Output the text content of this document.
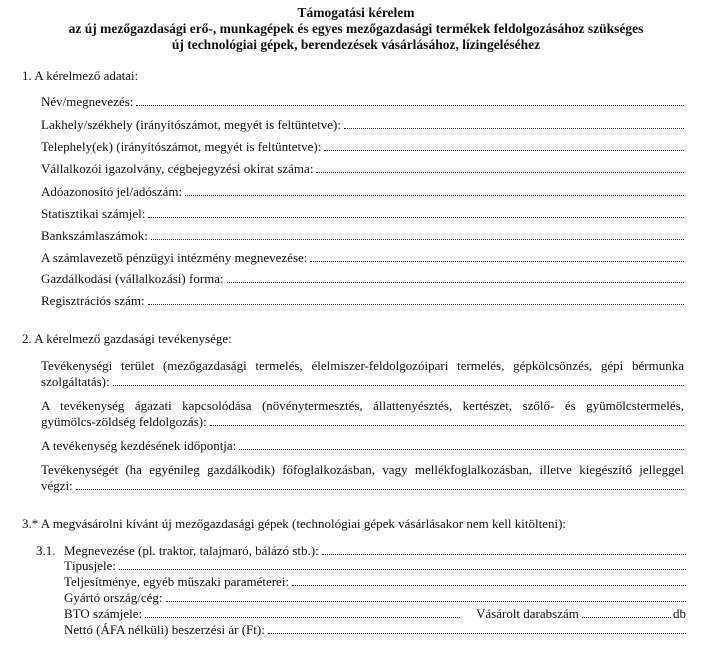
Támogatási kérelem
az új mezőgazdasági erő-, munkagépek és egyes mezőgazdasági termékek feldolgozásához szükséges
új technológiai gépek, berendezések vásárlásához, lízingeléséhez
1. A kérelmező adatai:
Név/megnevezés:
Lakhely/székhely (irányítószámot, megyét is feltüntetve):
Telephely(ek) (irányítószámot, megyét is feltüntetve):
Vállalkozói igazolvány, cégbejegyzési okirat száma:
Adóazonosító jel/adószám:
Statisztikai számjel:
Bankszámlaszámok:
A számlavezető pénzügyi intézmény megnevezése:
Gazdálkodási (vállalkozási) forma:
Regisztrációs szám:
2. A kérelmező gazdasági tevékenysége:
Tevékenységi terület (mezőgazdasági termelés, élelmiszer-feldolgozóipari termelés, gépkölcsönzés, gépi bérmunka
szolgáltatás):
A tevékenység ágazati kapcsolódása (növénytermesztés, állattenyésztés, kertészet, szőlő- és gyümölcstermelés,
gyümölcs-zöldség feldolgozás):
A tevékenység kezdésének időpontja:
Tevékenységét (ha egyénileg gazdálkodik) főfoglalkozásban, vagy mellékfoglalkozásban, illetve kiegészítő jelleggel
végzi:
3.* A megvásárolni kívánt új mezőgazdasági gépek (technológiai gépek vásárlásakor nem kell kitölteni):
3.1. Megnevezése (pl. traktor, talajmaró, bálázó stb.):
Típusjele:
Teljesítménye, egyéb műszaki paraméterei:
Gyártó ország/cég:
BTO számjele:	Vásárolt darabszám	db
Nettó (ÁFA nélküli) beszerzési ár (Ft):
